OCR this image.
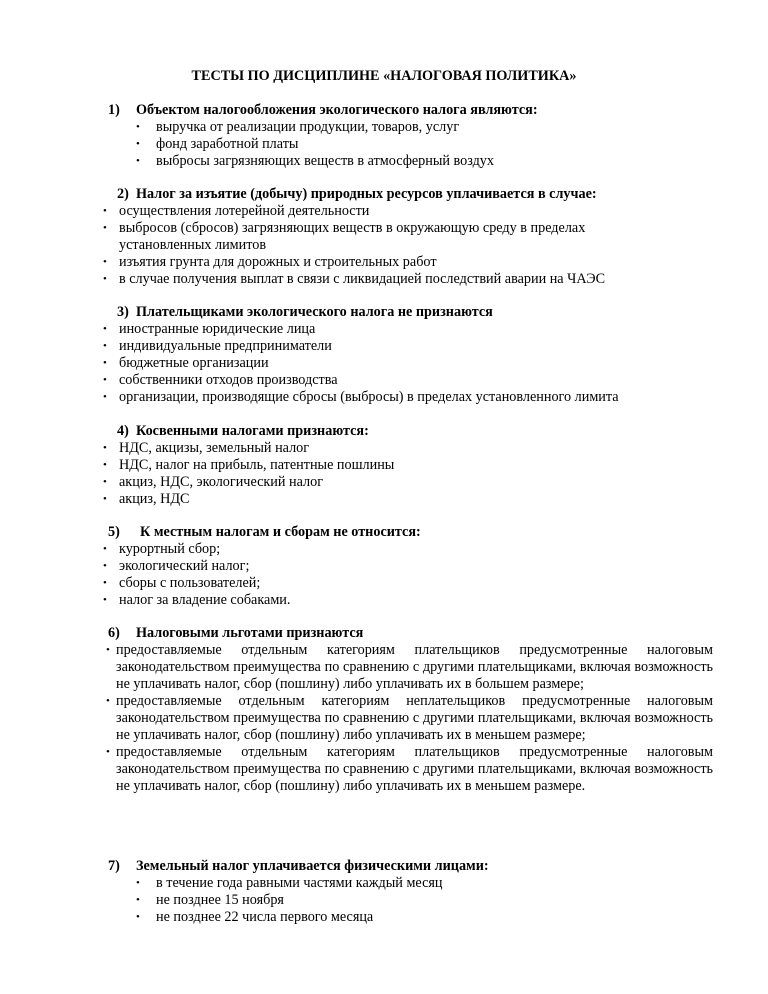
ТЕСТЫ ПО ДИСЦИПЛИНЕ «НАЛОГОВАЯ ПОЛИТИКА»
1) Объектом налогообложения экологического налога являются:
• выручка от реализации продукции, товаров, услуг
• фонд заработной платы
• выбросы загрязняющих веществ в атмосферный воздух
2) Налог за изъятие (добычу) природных ресурсов уплачивается в случае:
• осуществления лотерейной деятельности
• выбросов (сбросов) загрязняющих веществ в окружающую среду в пределах установленных лимитов
• изъятия грунта для дорожных и строительных работ
• в случае получения выплат в связи с ликвидацией последствий аварии на ЧАЭС
3) Плательщиками экологического налога не признаются
• иностранные юридические лица
• индивидуальные предприниматели
• бюджетные организации
• собственники отходов производства
• организации, производящие сбросы (выбросы) в пределах установленного лимита
4) Косвенными налогами признаются:
• НДС, акцизы, земельный налог
• НДС, налог на прибыль, патентные пошлины
• акциз, НДС, экологический налог
• акциз, НДС
5) К местным налогам и сборам не относится:
• курортный сбор;
• экологический налог;
• сборы с пользователей;
• налог за владение собаками.
6) Налоговыми льготами признаются
• предоставляемые отдельным категориям плательщиков предусмотренные налоговым законодательством преимущества по сравнению с другими плательщиками, включая возможность не уплачивать налог, сбор (пошлину) либо уплачивать их в большем размере;
• предоставляемые отдельным категориям неплательщиков предусмотренные налоговым законодательством преимущества по сравнению с другими плательщиками, включая возможность не уплачивать налог, сбор (пошлину) либо уплачивать их в меньшем размере;
• предоставляемые отдельным категориям плательщиков предусмотренные налоговым законодательством преимущества по сравнению с другими плательщиками, включая возможность не уплачивать налог, сбор (пошлину) либо уплачивать их в меньшем размере.
7) Земельный налог уплачивается физическими лицами:
• в течение года равными частями каждый месяц
• не позднее 15 ноября
• не позднее 22 числа первого месяца
